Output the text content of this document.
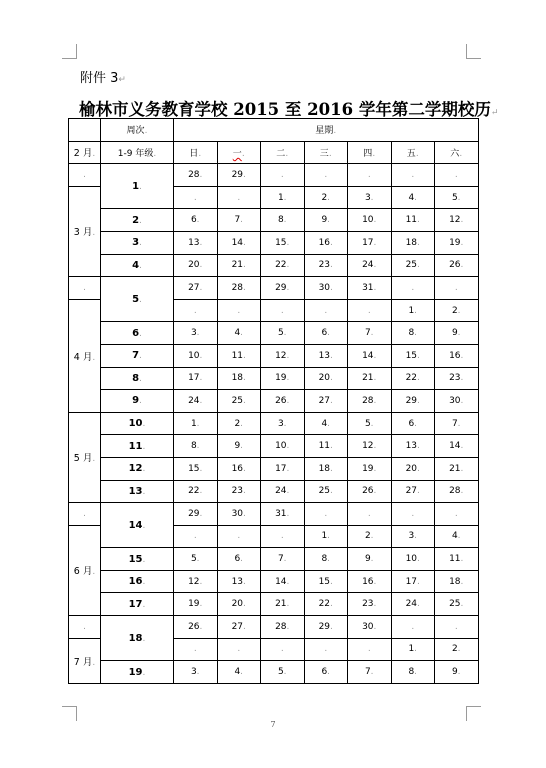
附件 3↵
榆林市义务教育学校 2015 至 2016 学年第二学期校历↵
	周次.	星期.						
2 月.	1-9 年级.	日.	一.	二.	三.	四.	五.	六.
.	1.	28.	29.	.	.	.	.	.
3 月.		.	.	1.	2.	3.	4.	5.
	2.	6.	7.	8.	9.	10.	11.	12.
	3.	13.	14.	15.	16.	17.	18.	19.
	4.	20.	21.	22.	23.	24.	25.	26.
.	5.	27.	28.	29.	30.	31.	.	.
4 月.		.	.	.	.	.	1.	2.
	6.	3.	4.	5.	6.	7.	8.	9.
	7.	10.	11.	12.	13.	14.	15.	16.
	8.	17.	18.	19.	20.	21.	22.	23.
	9.	24.	25.	26.	27.	28.	29.	30.
5 月.	10.	1.	2.	3.	4.	5.	6.	7.
	11.	8.	9.	10.	11.	12.	13.	14.
	12.	15.	16.	17.	18.	19.	20.	21.
	13.	22.	23.	24.	25.	26.	27.	28.
.	14.	29.	30.	31.	.	.	.	.
6 月.		.	.	.	1.	2.	3.	4.
	15.	5.	6.	7.	8.	9.	10.	11.
	16.	12.	13.	14.	15.	16.	17.	18.
	17.	19.	20.	21.	22.	23.	24.	25.
.	18.	26.	27.	28.	29.	30.	.	.
7 月.		.	.	.	.	.	1.	2.
	19.	3.	4.	5.	6.	7.	8.	9.
7
